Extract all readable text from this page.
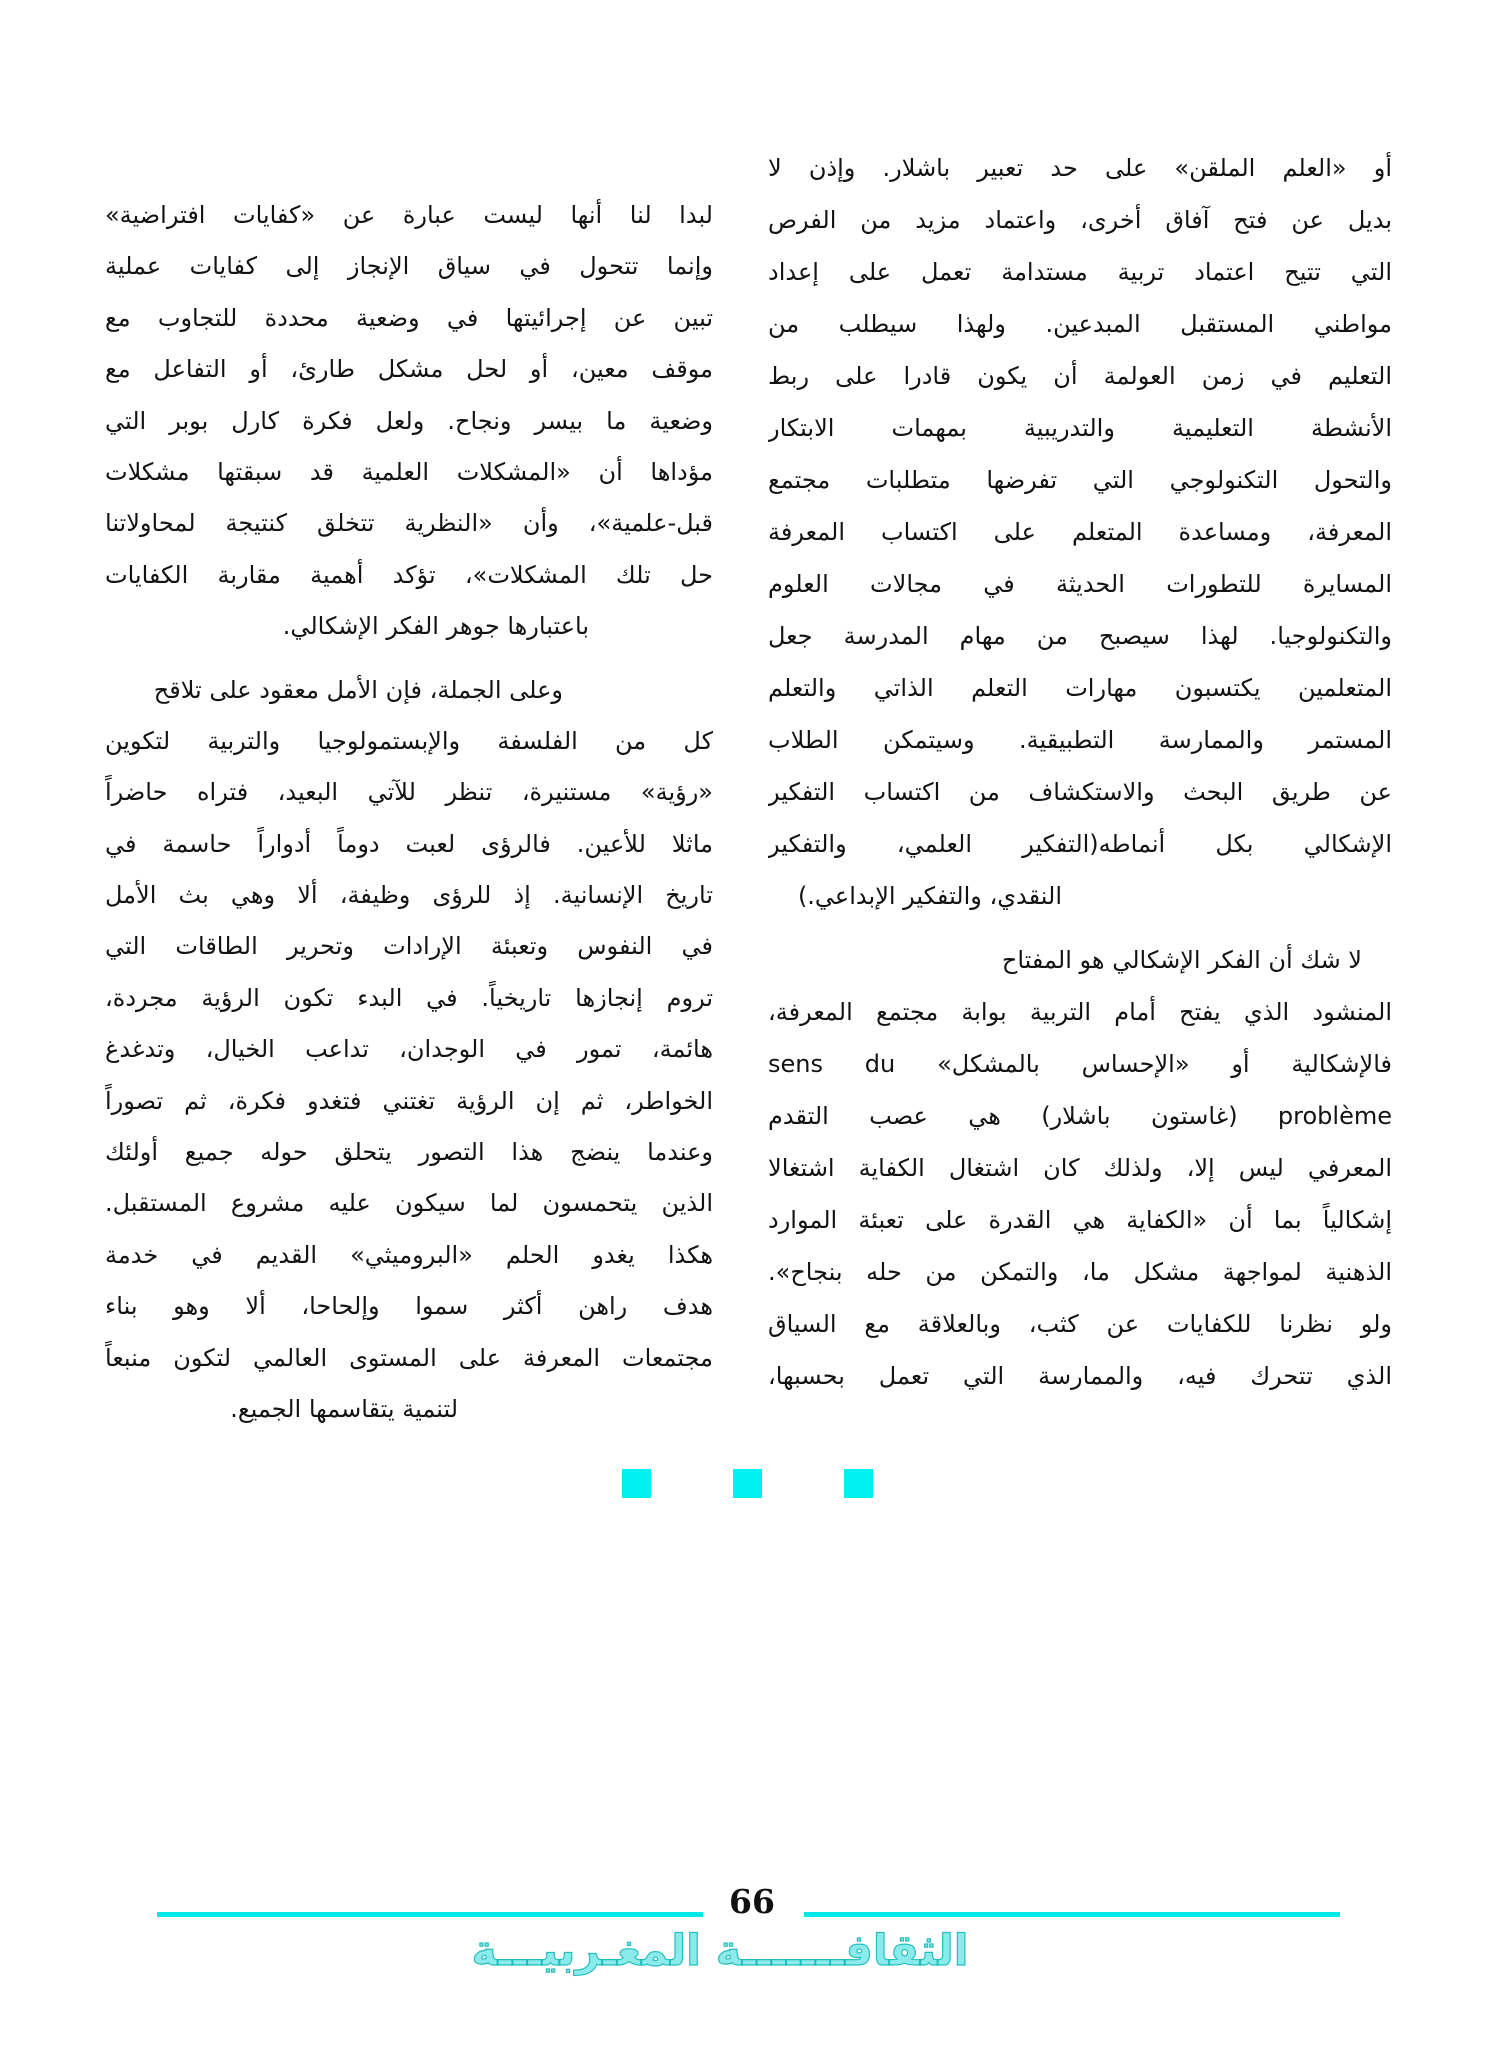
أو «العلم الملقن» على حد تعبير باشلار. وإذن لا
بديل عن فتح آفاق أخرى، واعتماد مزيد من الفرص
التي تتيح اعتماد تربية مستدامة تعمل على إعداد
مواطني المستقبل المبدعين. ولهذا سيطلب من
التعليم في زمن العولمة أن يكون قادرا على ربط
الأنشطة التعليمية والتدريبية بمهمات الابتكار
والتحول التكنولوجي التي تفرضها متطلبات مجتمع
المعرفة، ومساعدة المتعلم على اكتساب المعرفة
المسايرة للتطورات الحديثة في مجالات العلوم
والتكنولوجيا. لهذا سيصبح من مهام المدرسة جعل
المتعلمين يكتسبون مهارات التعلم الذاتي والتعلم
المستمر والممارسة التطبيقية. وسيتمكن الطلاب
عن طريق البحث والاستكشاف من اكتساب التفكير
الإشكالي بكل أنماطه(التفكير العلمي، والتفكير
النقدي، والتفكير الإبداعي.)
لا شك أن الفكر الإشكالي هو المفتاح
المنشود الذي يفتح أمام التربية بوابة مجتمع المعرفة،
فالإشكالية أو «الإحساس بالمشكل» sens du
problème (غاستون باشلار) هي عصب التقدم
المعرفي ليس إلا، ولذلك كان اشتغال الكفاية اشتغالا
إشكالياً بما أن «الكفاية هي القدرة على تعبئة الموارد
الذهنية لمواجهة مشكل ما، والتمكن من حله بنجاح».
ولو نظرنا للكفايات عن كثب، وبالعلاقة مع السياق
الذي تتحرك فيه، والممارسة التي تعمل بحسبها،
لبدا لنا أنها ليست عبارة عن «كفايات افتراضية»
وإنما تتحول في سياق الإنجاز إلى كفايات عملية
تبين عن إجرائيتها في وضعية محددة للتجاوب مع
موقف معين، أو لحل مشكل طارئ، أو التفاعل مع
وضعية ما بيسر ونجاح. ولعل فكرة كارل بوبر التي
مؤداها أن «المشكلات العلمية قد سبقتها مشكلات
قبل-علمية»، وأن «النظرية تتخلق كنتيجة لمحاولاتنا
حل تلك المشكلات»، تؤكد أهمية مقاربة الكفايات
باعتبارها جوهر الفكر الإشكالي.
وعلى الجملة، فإن الأمل معقود على تلاقح
كل من الفلسفة والإبستمولوجيا والتربية لتكوين
«رؤية» مستنيرة، تنظر للآتي البعيد، فتراه حاضراً
ماثلا للأعين. فالرؤى لعبت دوماً أدواراً حاسمة في
تاريخ الإنسانية. إذ للرؤى وظيفة، ألا وهي بث الأمل
في النفوس وتعبئة الإرادات وتحرير الطاقات التي
تروم إنجازها تاريخياً. في البدء تكون الرؤية مجردة،
هائمة، تمور في الوجدان، تداعب الخيال، وتدغدغ
الخواطر، ثم إن الرؤية تغتني فتغدو فكرة، ثم تصوراً
وعندما ينضج هذا التصور يتحلق حوله جميع أولئك
الذين يتحمسون لما سيكون عليه مشروع المستقبل.
هكذا يغدو الحلم «البروميثي» القديم في خدمة
هدف راهن أكثر سموا وإلحاحا، ألا وهو بناء
مجتمعات المعرفة على المستوى العالمي لتكون منبعاً
لتنمية يتقاسمها الجميع.
66
الثقافـــــــة المغـربيـــة
